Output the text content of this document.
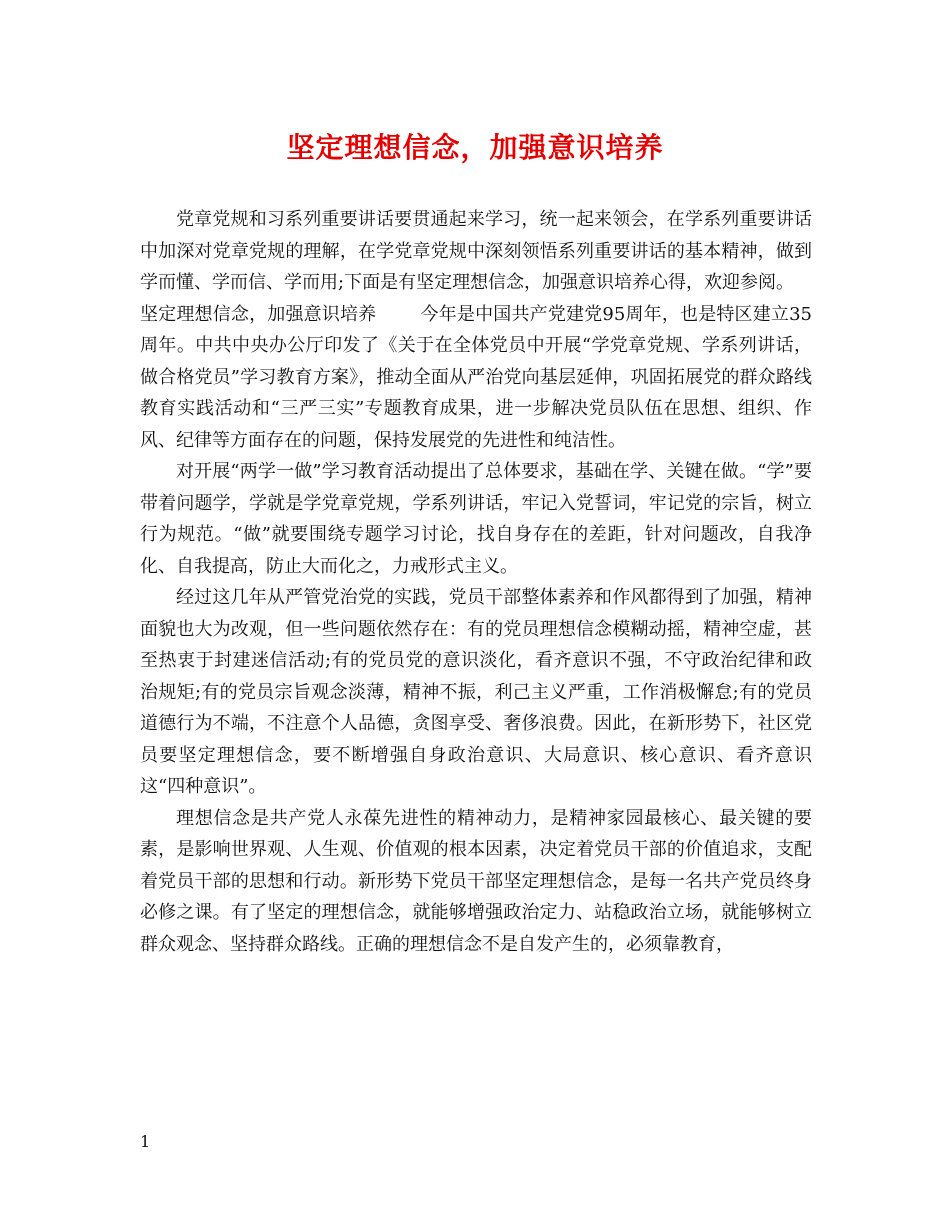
坚定理想信念，加强意识培养

党章党规和习系列重要讲话要贯通起来学习，统一起来领会，在学系列重要讲话中加深对党章党规的理解，在学党章党规中深刻领悟系列重要讲话的基本精神，做到学而懂、学而信、学而用;下面是有坚定理想信念，加强意识培养心得，欢迎参阅。

坚定理想信念，加强意识培养 今年是中国共产党建党95周年，也是特区建立35周年。中共中央办公厅印发了《关于在全体党员中开展“学党章党规、学系列讲话，做合格党员”学习教育方案》，推动全面从严治党向基层延伸，巩固拓展党的群众路线教育实践活动和“三严三实”专题教育成果，进一步解决党员队伍在思想、组织、作风、纪律等方面存在的问题，保持发展党的先进性和纯洁性。

对开展“两学一做”学习教育活动提出了总体要求，基础在学、关键在做。“学”要带着问题学，学就是学党章党规，学系列讲话，牢记入党誓词，牢记党的宗旨，树立行为规范。“做”就要围绕专题学习讨论，找自身存在的差距，针对问题改，自我净化、自我提高，防止大而化之，力戒形式主义。

经过这几年从严管党治党的实践，党员干部整体素养和作风都得到了加强，精神面貌也大为改观，但一些问题依然存在：有的党员理想信念模糊动摇，精神空虚，甚至热衷于封建迷信活动;有的党员党的意识淡化，看齐意识不强，不守政治纪律和政治规矩;有的党员宗旨观念淡薄，精神不振，利己主义严重，工作消极懈怠;有的党员道德行为不端，不注意个人品德，贪图享受、奢侈浪费。因此，在新形势下，社区党员要坚定理想信念，要不断增强自身政治意识、大局意识、核心意识、看齐意识这“四种意识”。

理想信念是共产党人永葆先进性的精神动力，是精神家园最核心、最关键的要素，是影响世界观、人生观、价值观的根本因素，决定着党员干部的价值追求，支配着党员干部的思想和行动。新形势下党员干部坚定理想信念，是每一名共产党员终身必修之课。有了坚定的理想信念，就能够增强政治定力、站稳政治立场，就能够树立群众观念、坚持群众路线。正确的理想信念不是自发产生的，必须靠教育，

1
